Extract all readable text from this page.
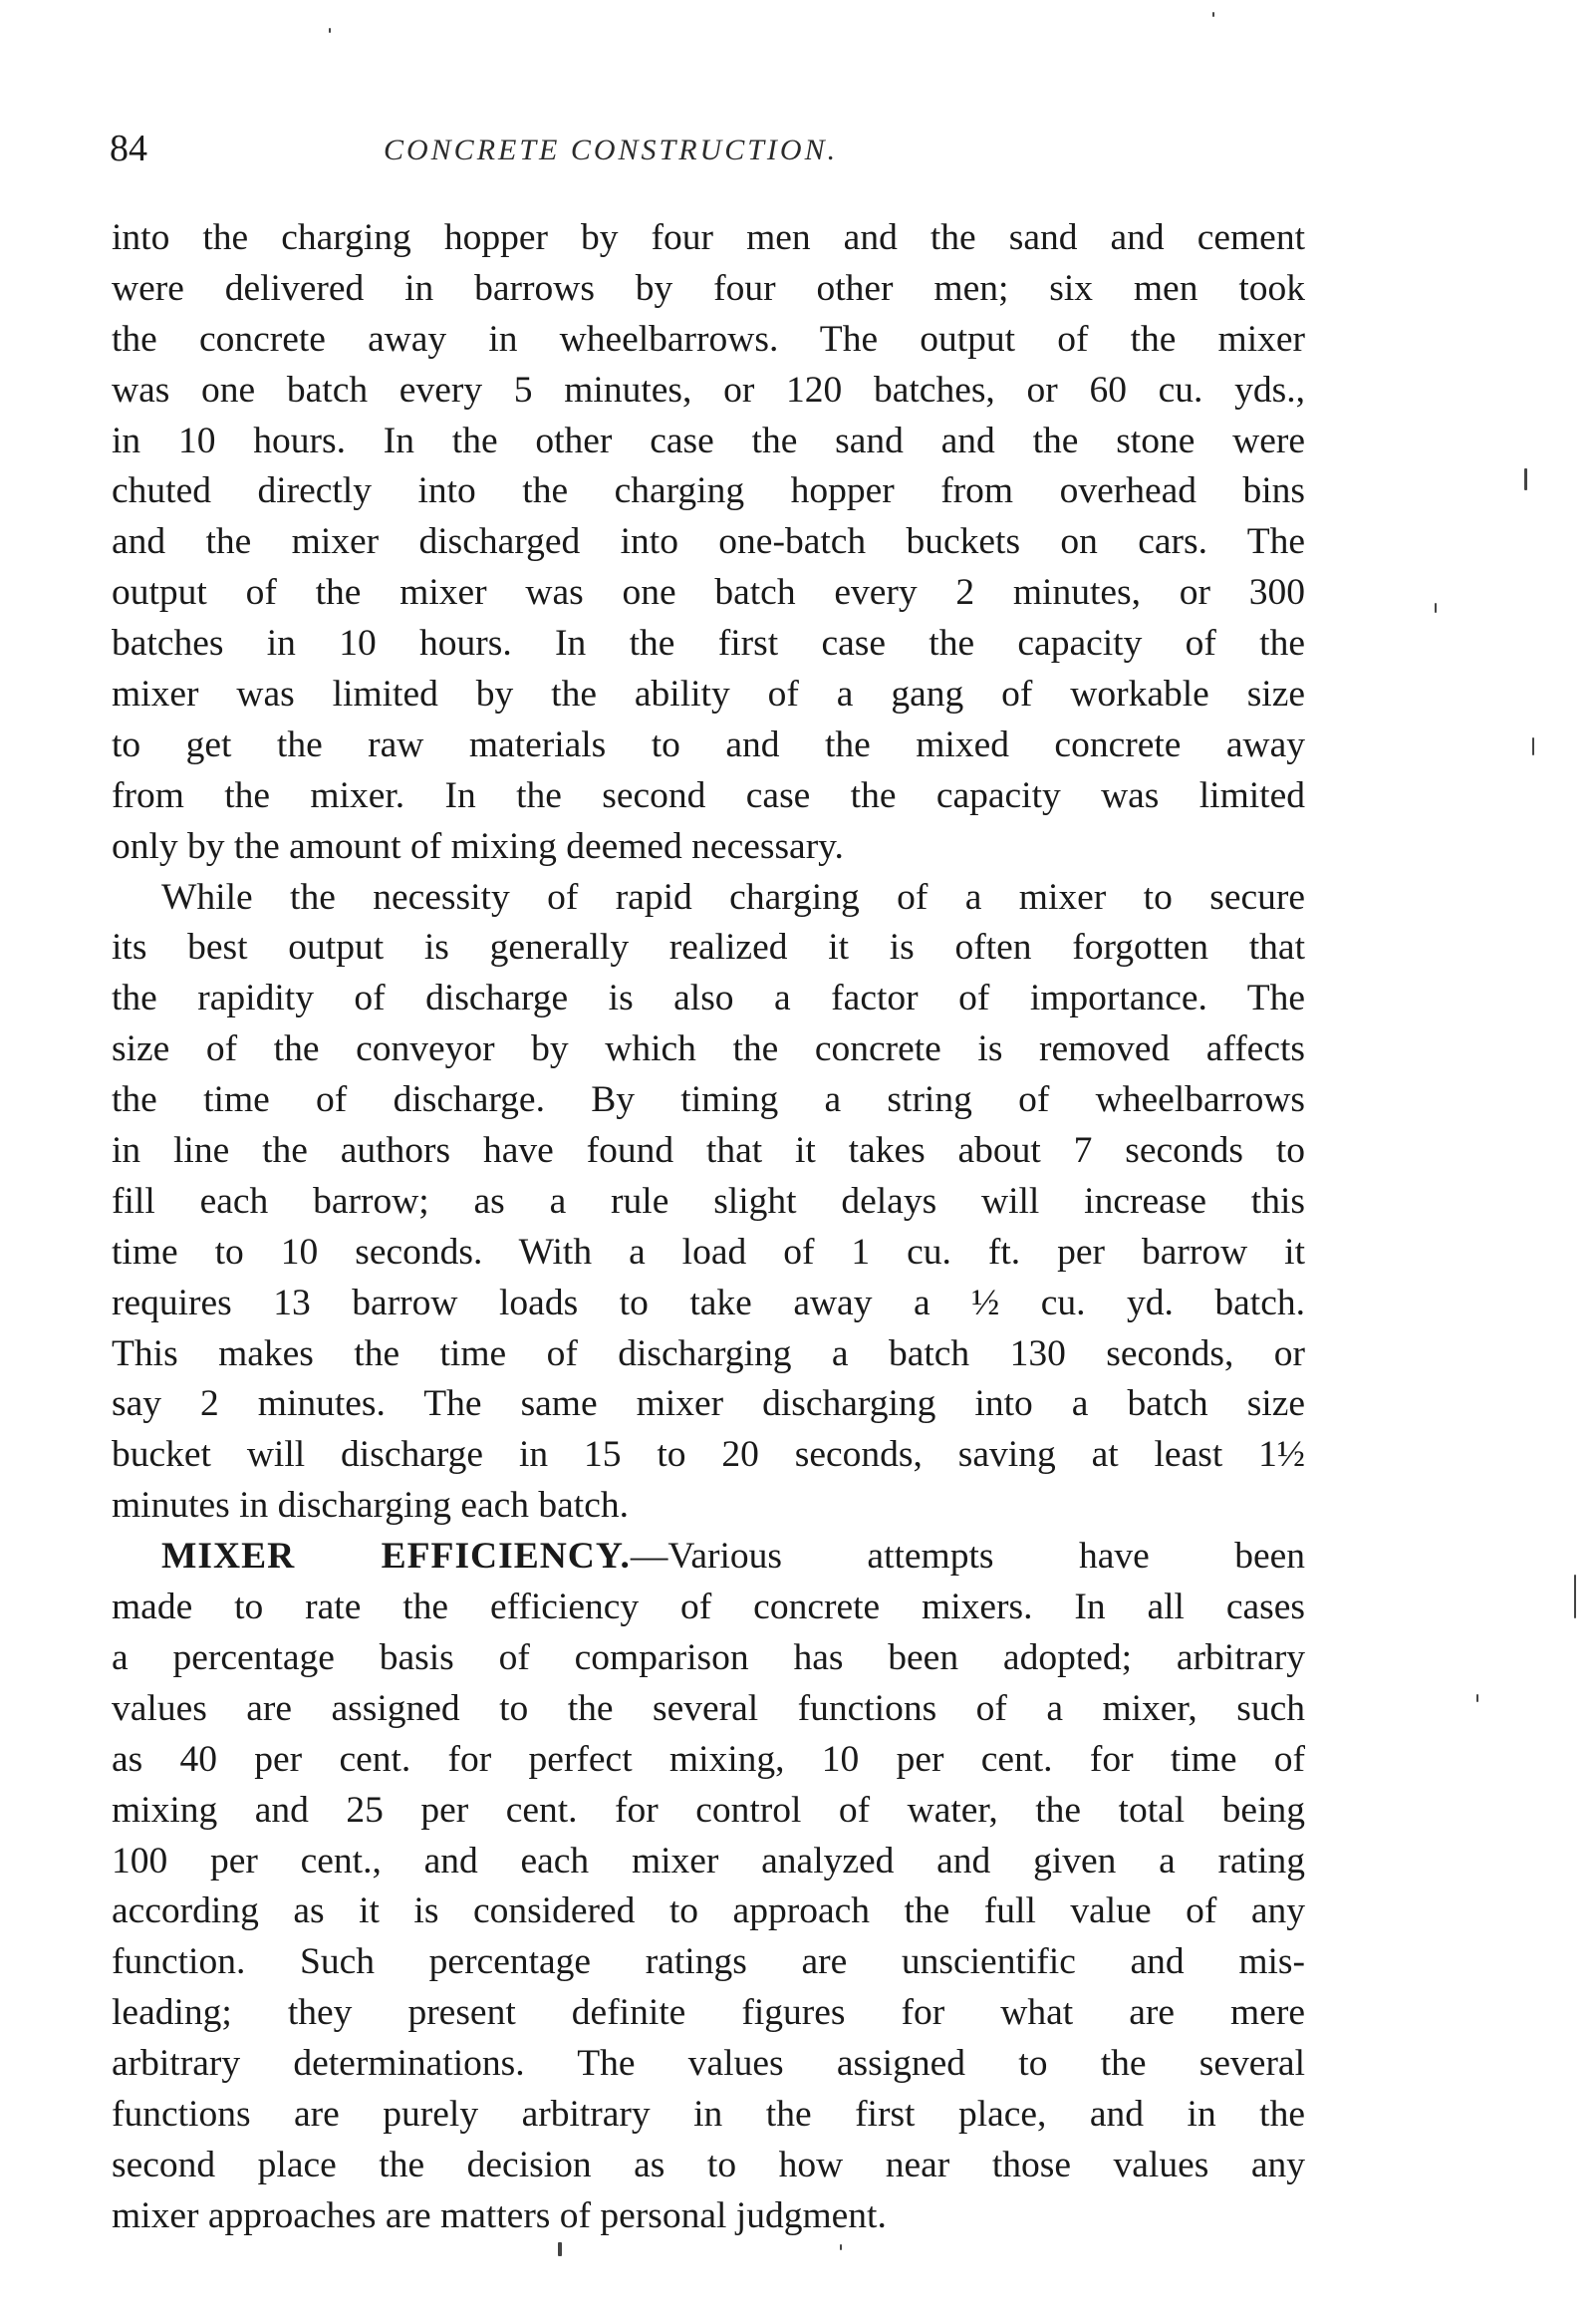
84	CONCRETE CONSTRUCTION.
into the charging hopper by four men and the sand and cement
were delivered in barrows by four other men; six men took
the concrete away in wheelbarrows. The output of the mixer
was one batch every 5 minutes, or 120 batches, or 60 cu. yds.,
in 10 hours. In the other case the sand and the stone were
chuted directly into the charging hopper from overhead bins
and the mixer discharged into one-batch buckets on cars. The
output of the mixer was one batch every 2 minutes, or 300
batches in 10 hours. In the first case the capacity of the
mixer was limited by the ability of a gang of workable size
to get the raw materials to and the mixed concrete away
from the mixer. In the second case the capacity was limited
only by the amount of mixing deemed necessary.
While the necessity of rapid charging of a mixer to secure
its best output is generally realized it is often forgotten that
the rapidity of discharge is also a factor of importance. The
size of the conveyor by which the concrete is removed affects
the time of discharge. By timing a string of wheelbarrows
in line the authors have found that it takes about 7 seconds to
fill each barrow; as a rule slight delays will increase this
time to 10 seconds. With a load of 1 cu. ft. per barrow it
requires 13 barrow loads to take away a ½ cu. yd. batch.
This makes the time of discharging a batch 130 seconds, or
say 2 minutes. The same mixer discharging into a batch size
bucket will discharge in 15 to 20 seconds, saving at least 1½
minutes in discharging each batch.
MIXER EFFICIENCY.—Various attempts have been
made to rate the efficiency of concrete mixers. In all cases
a percentage basis of comparison has been adopted; arbitrary
values are assigned to the several functions of a mixer, such
as 40 per cent. for perfect mixing, 10 per cent. for time of
mixing and 25 per cent. for control of water, the total being
100 per cent., and each mixer analyzed and given a rating
according as it is considered to approach the full value of any
function. Such percentage ratings are unscientific and mis-
leading; they present definite figures for what are mere
arbitrary determinations. The values assigned to the several
functions are purely arbitrary in the first place, and in the
second place the decision as to how near those values any
mixer approaches are matters of personal judgment.
